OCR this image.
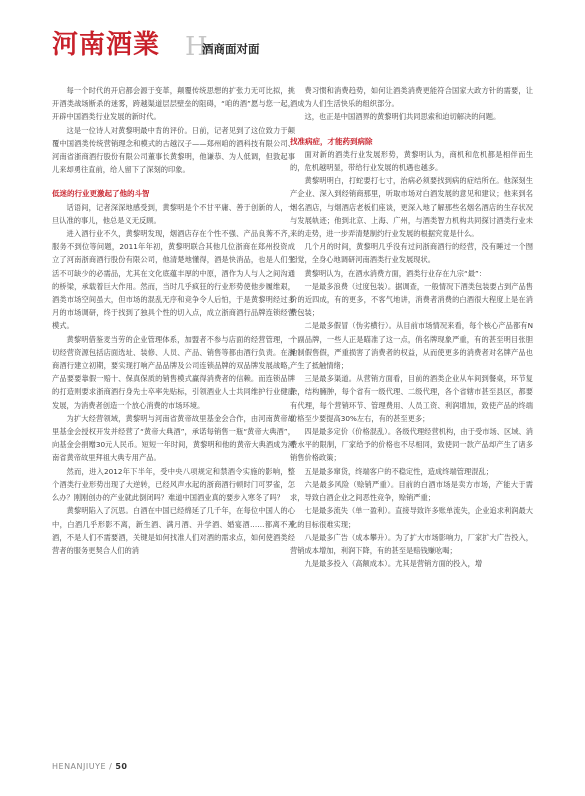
河南酒業 H
酒商面对面

每一个时代的开启都会源于变革，颠覆传统思想的扩张力无可比拟，挑开酒类战场断杀的迷雾，跨越渠道层层壁垒的阻碍，“咱的酒”愿与您一起，开辟中国酒类行业发展的新时代。

这是一位诗人对黄黎明最中肯的评价。日前，记者见到了这位致力于颠覆中国酒类传统营销理念和模式的古越汉子——郑州咱的酒科技有限公司、河南省浙商酒行股份有限公司董事长黄黎明，他谦恭、为人低调，但敦起事儿来却勇往直前，给人留下了深刻的印象。

低迷的行业更激起了他的斗智

话语间，记者深深地感受到，黄黎明是个不甘平庸、善于创新的人，一旦认准的事儿，他总是义无反顾。

进入酒行业不久，黄黎明发现，烟酒店存在个性不强、产品良莠不齐，服务不到位等问题，2011年年初，黄黎明联合其他几位浙商在郑州投资成立了河南浙商酒行股份有限公司，他清楚地懂得，酒是快消品，也是人们生活不可缺少的必需品，尤其在文化底蕴丰厚的中原，酒作为人与人之间沟通的桥梁，承载着巨大作用。然而，当时几乎疯狂的行业形势使他步履维艰，酒类市场空间虽大，但市场的混乱无序和竞争令人后怕，于是黄黎明经过多月的市场调研，终于找到了独具个性的切入点，成立浙商酒行品牌连锁经营模式。

黄黎明借鉴麦当劳的企业管理体系，加盟者不参与店面的经营管理，一切经营资源包括店面选址、装修、人员、产品、销售等都由酒行负责。在浙商酒行建立初期，要实现打响产品品牌及公司连锁品牌的双品牌发展战略，产品要要靠假一赔十、保真保质的销售模式赢得消费者的信赖。而连锁品牌的打造则要求浙商酒行身先士卒率先贴标，引领酒业人士共同维护行业健康发展，为消费者创造一个放心消费的市场环境。

为扩大经营领域，黄黎明与河南省黄帝故里基金会合作，由河南黄帝故里基金会授权开发并经营了“黄帝大典酒”，承诺每销售一瓶“黄帝大典酒”，向基金会捐赠30元人民币。短短一年时间，黄黎明和他的黄帝大典酒成为河南省黄帝故里拜祖大典专用产品。

然而，进入2012年下半年，受中央八项规定和禁酒令实施的影响，整个酒类行业形势出现了大逆转，已经风声水起的浙商酒行顿时门可罗雀，怎么办？刚刚创办的产业就此倒闭吗？难道中国酒业真的要步入寒冬了吗？

黄黎明陷入了沉思。白酒在中国已经绵延了几千年，在每位中国人的心中，白酒几乎形影不离，新生酒、满月酒、升学酒、婚宴酒……都离不开酒，不是人们不需要酒，关键是如何找准人们对酒的需求点，如何使酒类经营者的服务更契合人们的消

费习惯和消费趋势，如何让酒类消费更能符合国家大政方针的需要，让酒成为人们生活快乐的组织部分。

这，也正是中国酒界的黄黎明们共同思索和迫切解决的问题。

找准病症，才能药到病除

面对新的酒类行业发展形势，黄黎明认为，商机和危机都是相伴而生的，危机越明显，带给行业发展的机遇也越多。

黄黎明明白，打蛇要打七寸，治病必须要找到病的症结所在。他深刻生产企业、深入到经销商那里，听取市场对白酒发展的意见和建议；他来到名烟名酒店，与烟酒店老板们座谈，更深入地了解那些名烟名酒店的生存状况与发展轨迹；他到北京、上海、广州，与酒类智力机构共同探讨酒类行业未来的走势，进一步弄清楚制约行业发展的根据究竟是什么。

几个月的时间，黄黎明几乎没有过问浙商酒行的经营，没有睡过一个囫囵觉，全身心地调研河南酒类行业发展现状。

黄黎明认为，在酒水消费方面，酒类行业存在九宗“最”：

一是最多浪费（过度包装）。据调查，一般情况下酒类包装要占到产品售价的近四成，有的更多，不客气地讲，消费者消费的白酒很大程度上是在消费包装；

二是最多假冒（伪劣横行）。从目前市场情况来看，每个核心产品都有N个副品牌，一些人正是瞄准了这一点，俏名牌现象严重，有的甚至明目张胆地制假售假，严重损害了消费者的权益，从而使更多的消费者对名牌产品也产生了抵触情绪；

三是最多渠道。从营销方面看，目前的酒类企业从车间到餐桌，环节复杂，结构臃肿，每个省有一级代理、二级代理，各个省辖市甚至县区，都要有代理，每个营销环节、管理费用、人员工资、利润增加，致使产品的终端价格至少要提高30%左右，有的甚至更多；

四是最多定价（价格混乱）。各级代理经营机构，由于受市场、区域、消费水平的限制，厂家给予的价格也不尽相同，致使同一款产品却产生了诸多销售价格政策；

五是最多窜货，终端客户的不稳定性，造成终端管理混乱；

六是最多风险（赊销严重）。目前的白酒市场是卖方市场，产能大于需求，导致白酒企业之间恶性竞争，赊销严重；

七是最多流失（单一盈利）。直接导致许多账单流失，企业追求利润最大化的目标很难实现；

八是最多广告（成本攀升）。为了扩大市场影响力，厂家扩大广告投入，营销成本增加，利润下降，有的甚至是赔钱赚吆喝；

九是最多投入（高额成本）。尤其是营销方面的投入，增

HENANJIUYE / 50
